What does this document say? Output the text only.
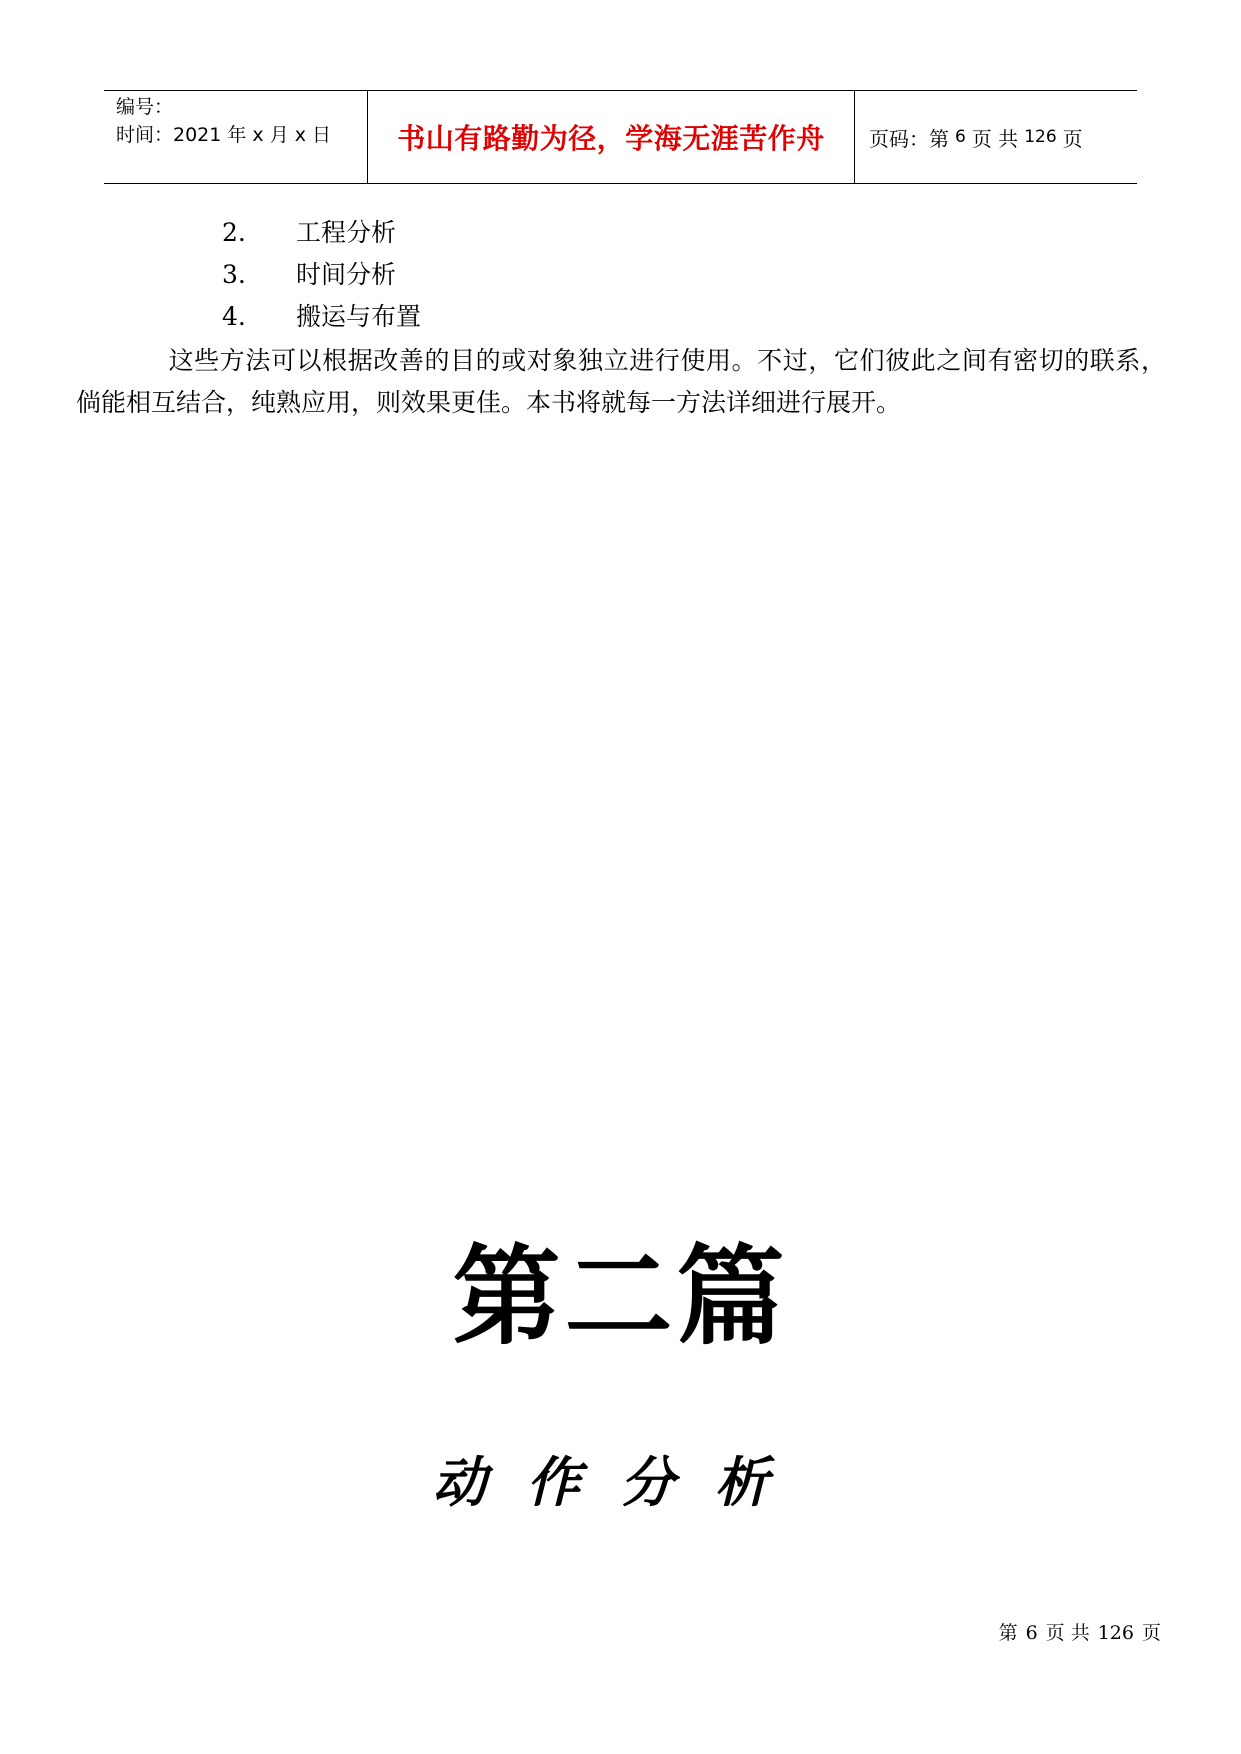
编号：
时间：2021 年 x 月 x 日	书山有路勤为径，学海无涯苦作舟 页码：第 6 页 共 126 页
2.	工程分析
3.	时间分析
4.	搬运与布置
这些方法可以根据改善的目的或对象独立进行使用。不过，它们彼此之间有密切的联系，倘能相互结合，纯熟应用，则效果更佳。本书将就每一方法详细进行展开。
第二篇
动作分析
第 6 页 共 126 页
